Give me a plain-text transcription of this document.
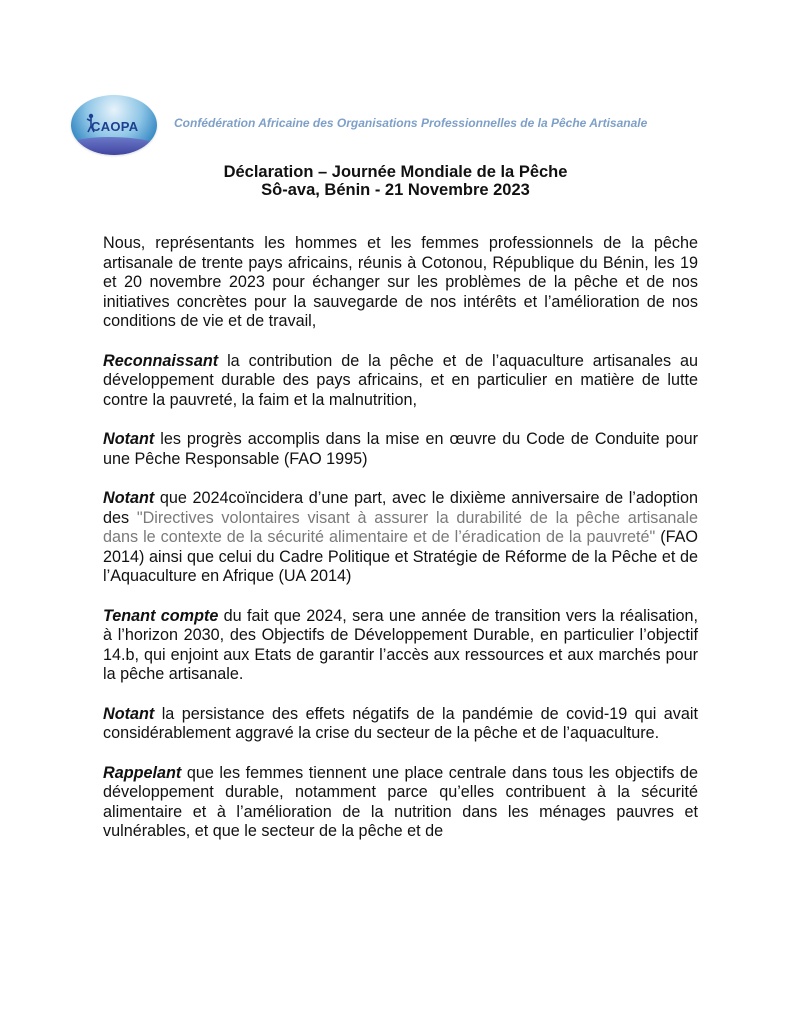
CAOPA	Confédération Africaine des Organisations Professionnelles de la Pêche Artisanale
Déclaration – Journée Mondiale de la Pêche
Sô-ava, Bénin - 21 Novembre 2023

Nous, représentants les hommes et les femmes professionnels de la pêche artisanale de trente pays africains, réunis à Cotonou, République du Bénin, les 19 et 20 novembre 2023 pour échanger sur les problèmes de la pêche et de nos initiatives concrètes pour la sauvegarde de nos intérêts et l’amélioration de nos conditions de vie et de travail,

Reconnaissant la contribution de la pêche et de l’aquaculture artisanales au développement durable des pays africains, et en particulier en matière de lutte contre la pauvreté, la faim et la malnutrition,

Notant les progrès accomplis dans la mise en œuvre du Code de Conduite pour une Pêche Responsable (FAO 1995)

Notant que 2024coïncidera d’une part, avec le dixième anniversaire de l’adoption des "Directives volontaires visant à assurer la durabilité de la pêche artisanale dans le contexte de la sécurité alimentaire et de l’éradication de la pauvreté" (FAO 2014) ainsi que celui du Cadre Politique et Stratégie de Réforme de la Pêche et de l’Aquaculture en Afrique (UA 2014)

Tenant compte du fait que 2024, sera une année de transition vers la réalisation, à l’horizon 2030, des Objectifs de Développement Durable, en particulier l’objectif 14.b, qui enjoint aux Etats de garantir l’accès aux ressources et aux marchés pour la pêche artisanale.

Notant la persistance des effets négatifs de la pandémie de covid-19 qui avait considérablement aggravé la crise du secteur de la pêche et de l’aquaculture.

Rappelant que les femmes tiennent une place centrale dans tous les objectifs de développement durable, notamment parce qu’elles contribuent à la sécurité alimentaire et à l’amélioration de la nutrition dans les ménages pauvres et vulnérables, et que le secteur de la pêche et de
